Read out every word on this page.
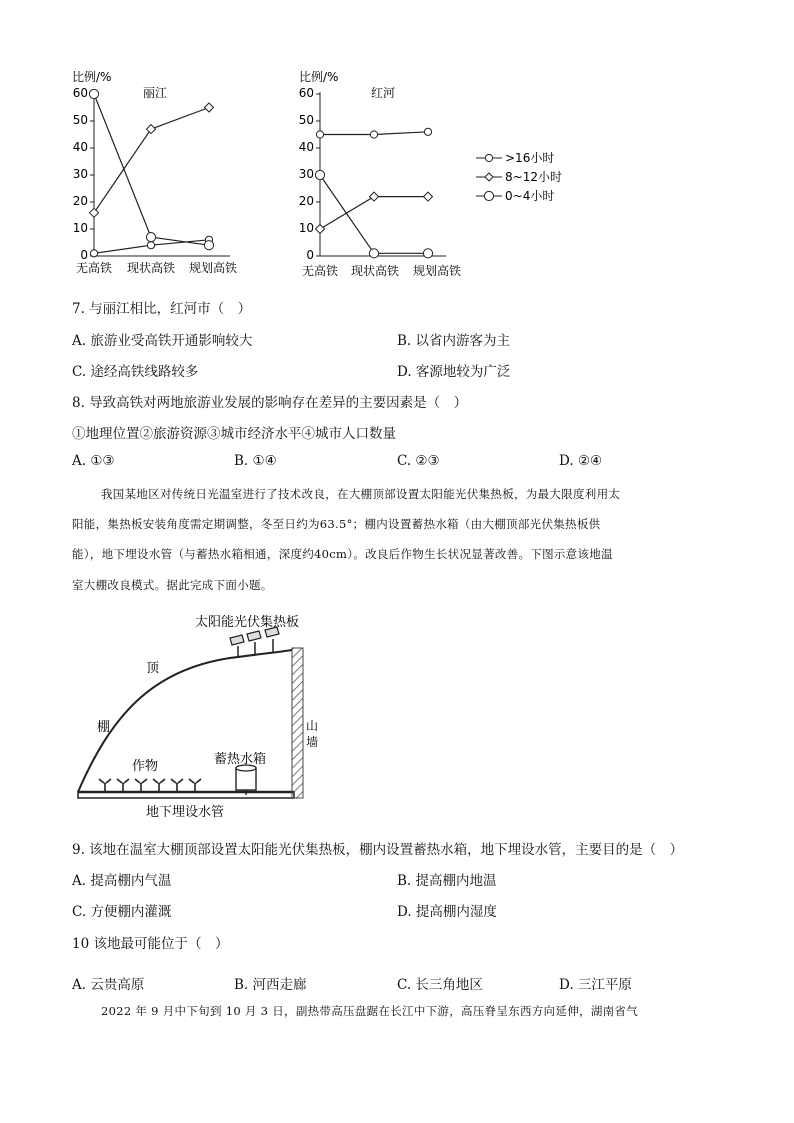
比例/%
丽江
无高铁 现状高铁 规划高铁
60
50
40
30
20
10
0
比例/%
红河
无高铁 现状高铁 规划高铁
60
50
40
30
20
10
0
>16小时
8~12小时
0~4小时
7. 与丽江相比，红河市（　）
A. 旅游业受高铁开通影响较大	B. 以省内游客为主
C. 途经高铁线路较多	D. 客源地较为广泛
8. 导致高铁对两地旅游业发展的影响存在差异的主要因素是（　）
①地理位置②旅游资源③城市经济水平④城市人口数量
A. ①③	B. ①④	C. ②③	D. ②④
我国某地区对传统日光温室进行了技术改良，在大棚顶部设置太阳能光伏集热板，为最大限度利用太
阳能，集热板安装角度需定期调整，冬至日约为63.5°；棚内设置蓄热水箱（由大棚顶部光伏集热板供
能），地下埋设水管（与蓄热水箱相通，深度约40cm）。改良后作物生长状况显著改善。下图示意该地温
室大棚改良模式。据此完成下面小题。
太阳能光伏集热板
顶
棚	山
墙
蓄热水箱
作物
地下埋设水管
9. 该地在温室大棚顶部设置太阳能光伏集热板，棚内设置蓄热水箱，地下埋设水管，主要目的是（　）
A. 提高棚内气温	B. 提高棚内地温
C. 方便棚内灌溉	D. 提高棚内湿度
10 该地最可能位于（　）
A. 云贵高原	B. 河西走廊	C. 长三角地区	D. 三江平原
2022 年 9 月中下旬到 10 月 3 日，副热带高压盘踞在长江中下游，高压脊呈东西方向延伸，湖南省气
